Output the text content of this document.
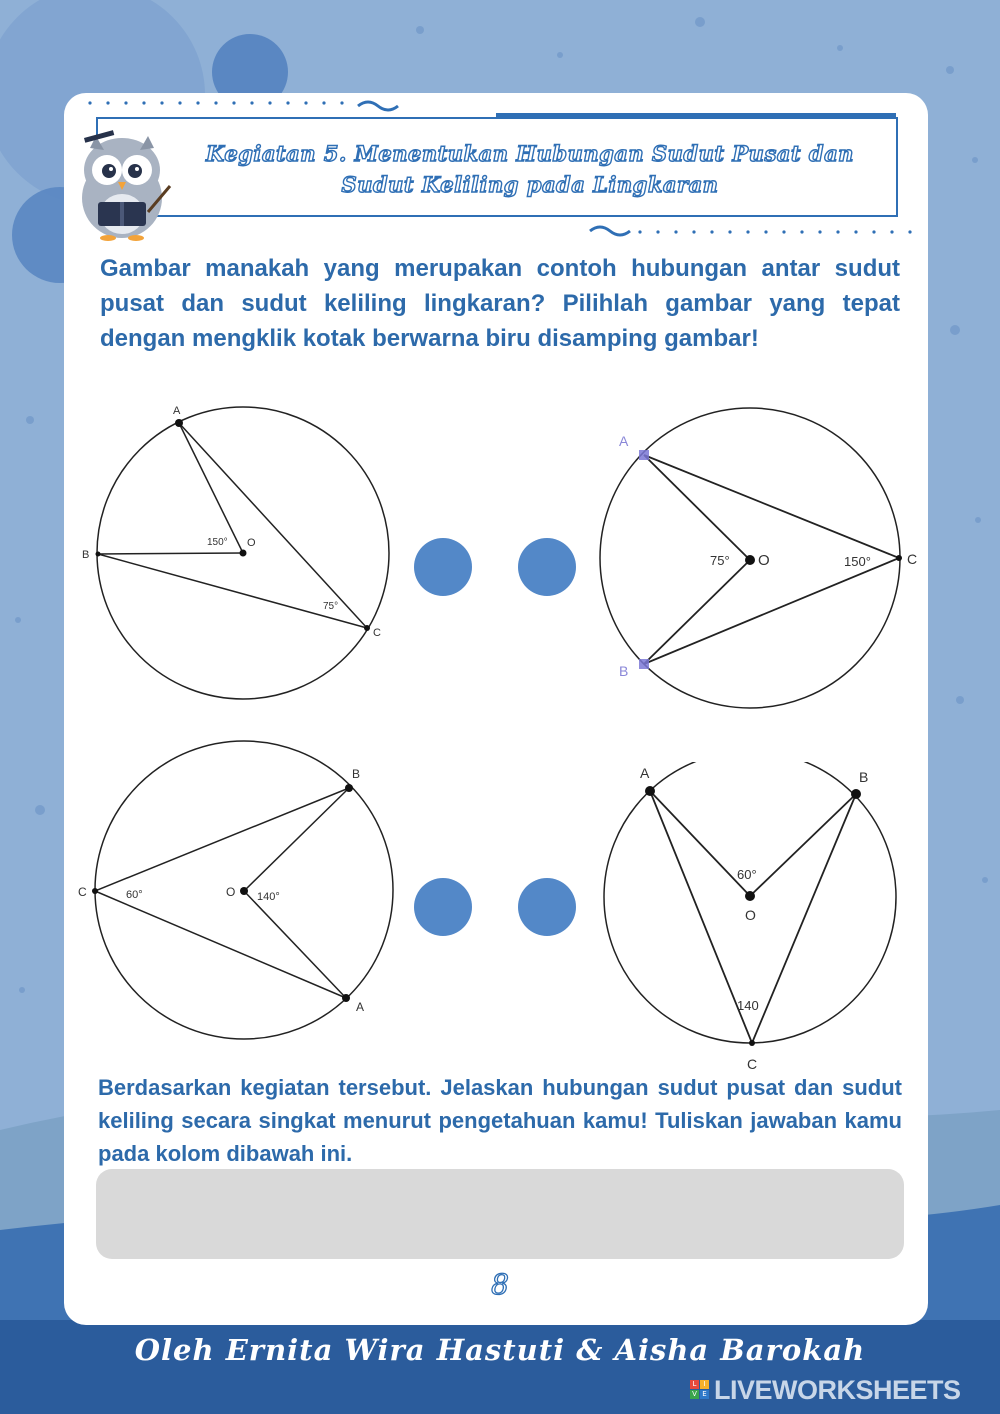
Kegiatan 5. Menentukan Hubungan Sudut Pusat dan
Sudut Keliling pada Lingkaran
Gambar manakah yang merupakan contoh hubungan antar sudut pusat dan sudut keliling lingkaran? Pilihlah gambar yang tepat dengan mengklik kotak berwarna biru disamping gambar!
A
B
C
O
150°
75°
A
B
C
O
75°	150°
B
A
C	O 140°
60°
A	B
C
O
60°
140
Berdasarkan kegiatan tersebut. Jelaskan hubungan sudut pusat dan sudut keliling secara singkat menurut pengetahuan kamu! Tuliskan jawaban kamu pada kolom dibawah ini.
8
Oleh Ernita Wira Hastuti & Aisha Barokah
L	I
V E LIVEWORKSHEETS
